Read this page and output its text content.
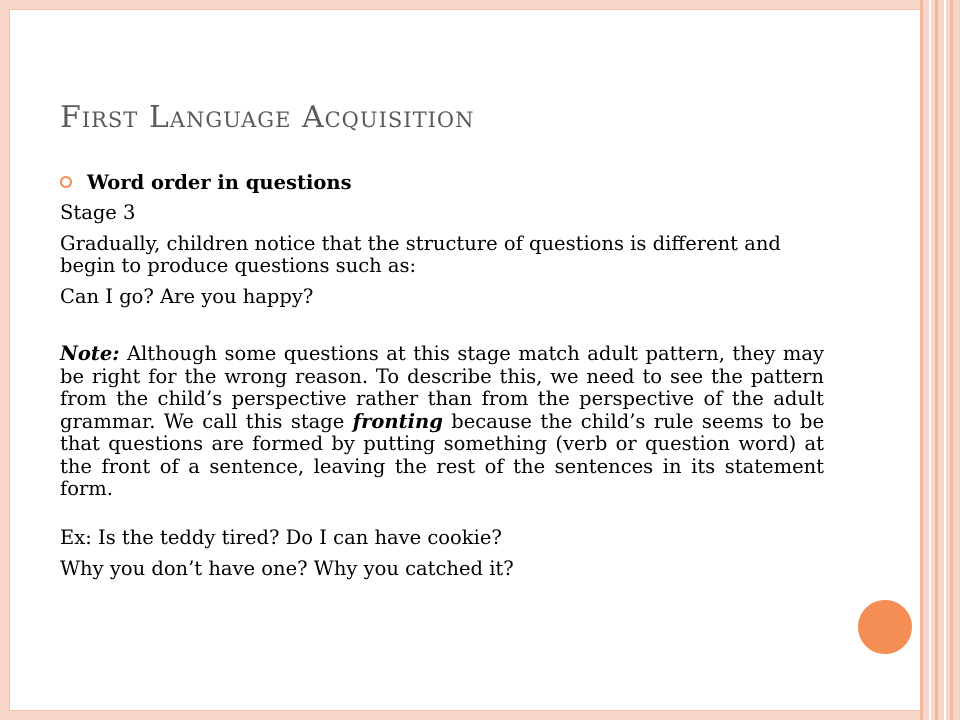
First Language Acquisition
Word order in questions

Stage 3

Gradually, children notice that the structure of questions is different and begin to produce questions such as:

Can I go? Are you happy?

Note: Although some questions at this stage match adult pattern, they may be right for the wrong reason. To describe this, we need to see the pattern from the child’s perspective rather than from the perspective of the adult grammar. We call this stage fronting because the child’s rule seems to be that questions are formed by putting something (verb or question word) at the front of a sentence, leaving the rest of the sentences in its statement form.

Ex: Is the teddy tired? Do I can have cookie?

Why you don’t have one? Why you catched it?
